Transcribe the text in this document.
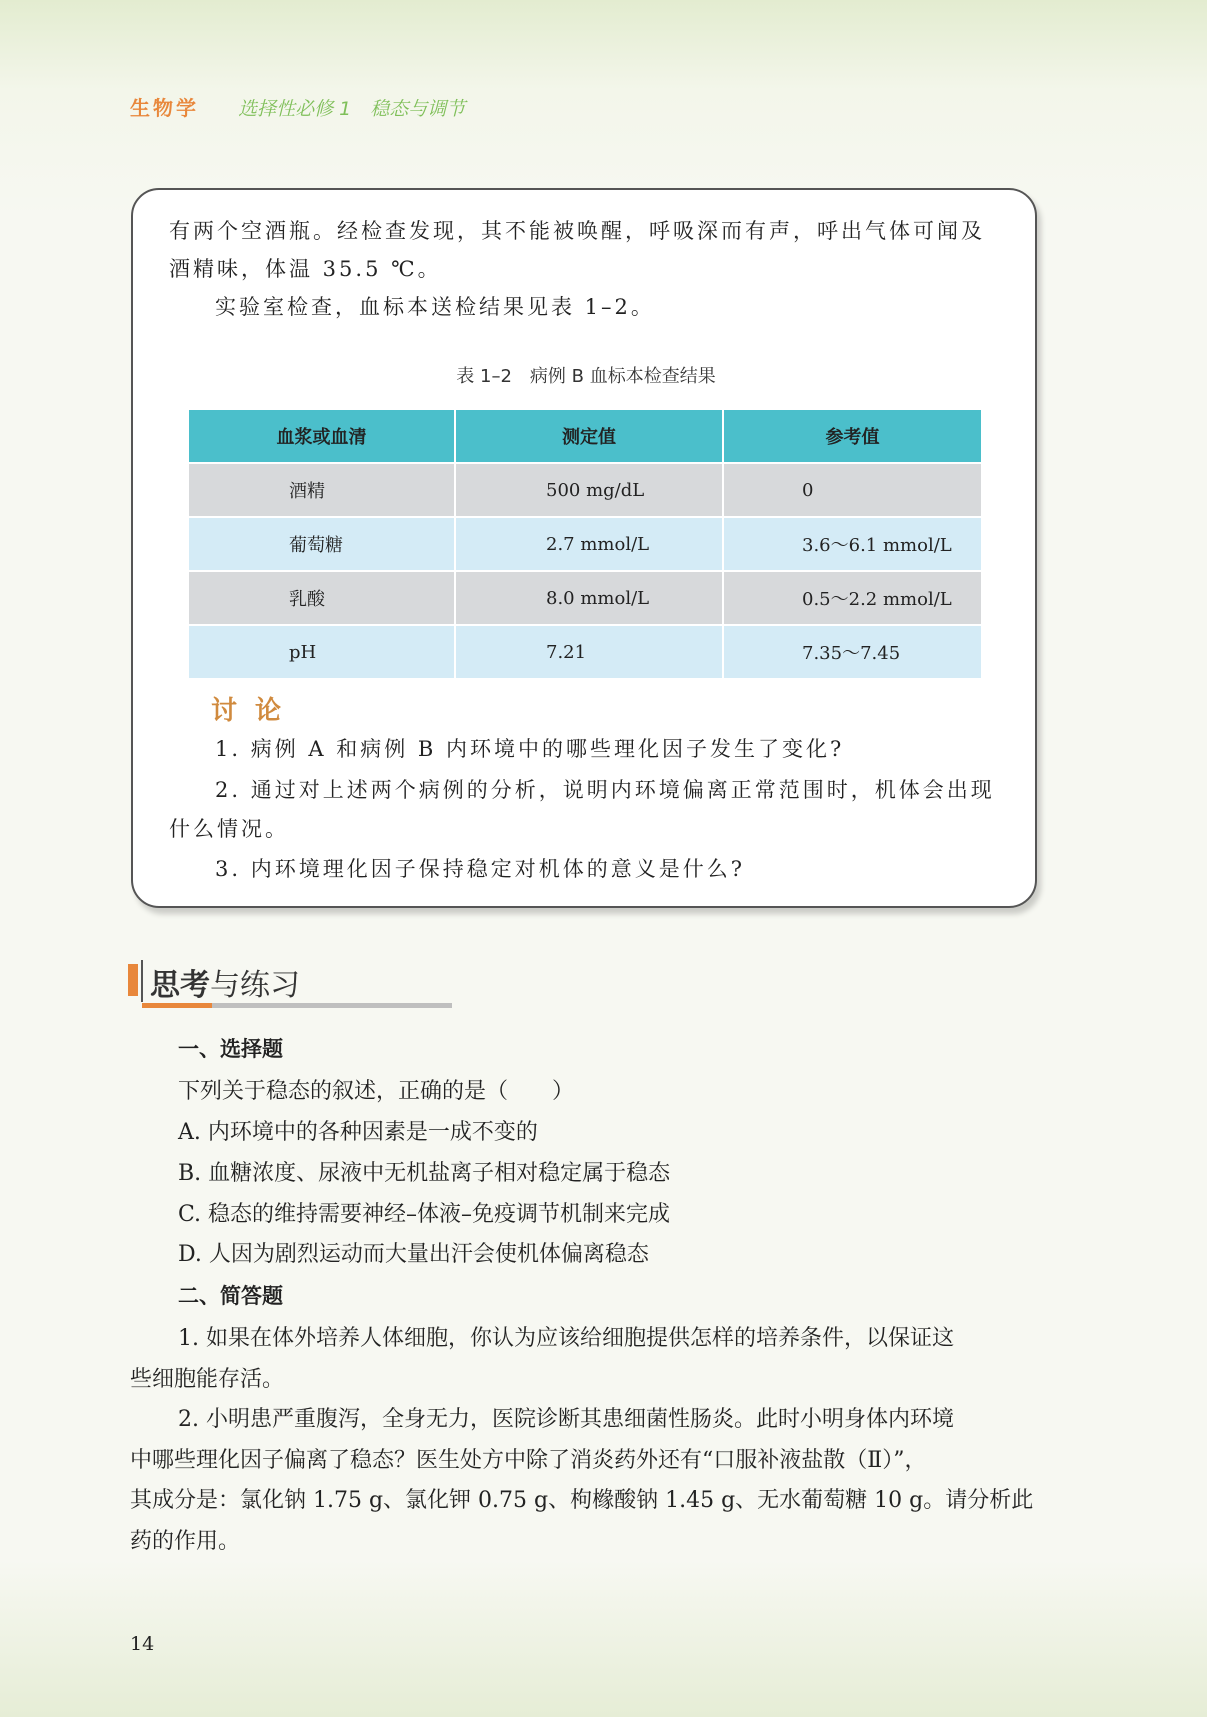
生物学 选择性必修 1　稳态与调节

有两个空酒瓶。经检查发现，其不能被唤醒，呼吸深而有声，呼出气体可闻及

酒精味，体温 35.5 ℃。

实验室检查，血标本送检结果见表 1–2。

表 1–2　病例 B 血标本检查结果
血浆或血清	测定值	参考值
酒精	500 mg/dL	0
葡萄糖	2.7 mmol/L	3.6～6.1 mmol/L
乳酸	8.0 mmol/L	0.5～2.2 mmol/L
pH	7.21	7.35～7.45
讨论

1. 病例 A 和病例 B 内环境中的哪些理化因子发生了变化?

2. 通过对上述两个病例的分析，说明内环境偏离正常范围时，机体会出现

什么情况。

3. 内环境理化因子保持稳定对机体的意义是什么?

思考与练习

一、选择题

下列关于稳态的叙述，正确的是（　　）

A. 内环境中的各种因素是一成不变的

B. 血糖浓度、尿液中无机盐离子相对稳定属于稳态

C. 稳态的维持需要神经–体液–免疫调节机制来完成

D. 人因为剧烈运动而大量出汗会使机体偏离稳态

二、简答题

1. 如果在体外培养人体细胞，你认为应该给细胞提供怎样的培养条件，以保证这

些细胞能存活。

2. 小明患严重腹泻，全身无力，医院诊断其患细菌性肠炎。此时小明身体内环境

中哪些理化因子偏离了稳态？医生处方中除了消炎药外还有“口服补液盐散（Ⅱ）”，

其成分是：氯化钠 1.75 g、氯化钾 0.75 g、枸橼酸钠 1.45 g、无水葡萄糖 10 g。请分析此

药的作用。

14
